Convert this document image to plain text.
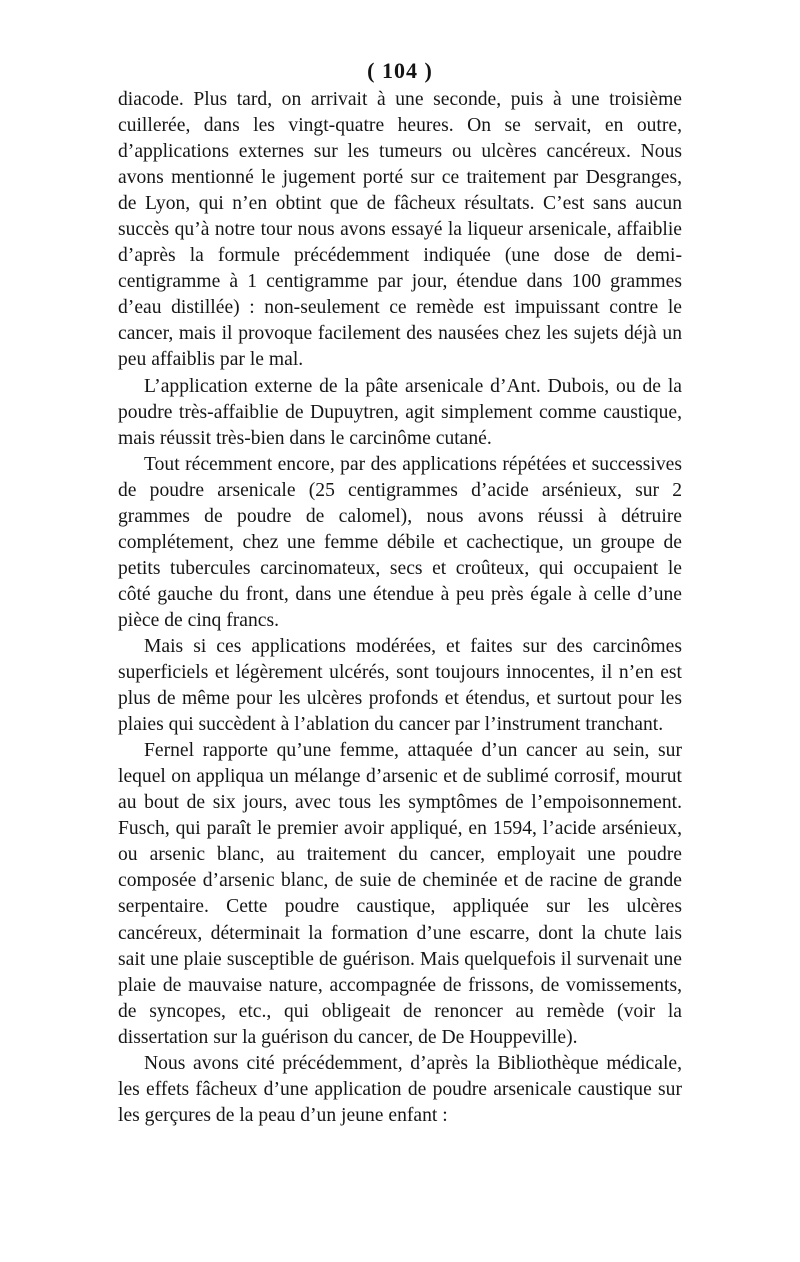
( 104 )

diacode. Plus tard, on arrivait à une seconde, puis à une troisième cuillerée, dans les vingt-quatre heures. On se servait, en outre, d’applications externes sur les tumeurs ou ulcères cancéreux. Nous avons mentionné le jugement porté sur ce traitement par Desgranges, de Lyon, qui n’en obtint que de fâcheux résultats. C’est sans aucun succès qu’à notre tour nous avons essayé la liqueur arsenicale, affaiblie d’après la formule précédemment indiquée (une dose de demi-centigramme à 1 centigramme par jour, étendue dans 100 grammes d’eau distillée) : non-seulement ce remède est impuissant contre le cancer, mais il provoque facilement des nausées chez les sujets déjà un peu affaiblis par le mal.

L’application externe de la pâte arsenicale d’Ant. Dubois, ou de la poudre très-affaiblie de Dupuytren, agit simplement comme caustique, mais réussit très-bien dans le carcinôme cutané.

Tout récemment encore, par des applications répétées et successives de poudre arsenicale (25 centigrammes d’acide arsénieux, sur 2 grammes de poudre de calomel), nous avons réussi à détruire complétement, chez une femme débile et cachectique, un groupe de petits tubercules carcinomateux, secs et croûteux, qui occupaient le côté gauche du front, dans une étendue à peu près égale à celle d’une pièce de cinq francs.

Mais si ces applications modérées, et faites sur des carcinômes superficiels et légèrement ulcérés, sont toujours innocentes, il n’en est plus de même pour les ulcères profonds et étendus, et surtout pour les plaies qui succèdent à l’ablation du cancer par l’instrument tranchant.

Fernel rapporte qu’une femme, attaquée d’un cancer au sein, sur lequel on appliqua un mélange d’arsenic et de sublimé corrosif, mourut au bout de six jours, avec tous les symptômes de l’empoisonnement. Fusch, qui paraît le premier avoir appliqué, en 1594, l’acide arsénieux, ou arsenic blanc, au traitement du cancer, employait une poudre composée d’arsenic blanc, de suie de cheminée et de racine de grande serpentaire. Cette poudre caustique, appliquée sur les ulcères cancéreux, déterminait la formation d’une escarre, dont la chute lais sait une plaie susceptible de guérison. Mais quelquefois il survenait une plaie de mauvaise nature, accompagnée de frissons, de vomissements, de syncopes, etc., qui obligeait de renoncer au remède (voir la dissertation sur la guérison du cancer, de De Houppeville).

Nous avons cité précédemment, d’après la Bibliothèque médicale, les effets fâcheux d’une application de poudre arsenicale caustique sur les gerçures de la peau d’un jeune enfant :
